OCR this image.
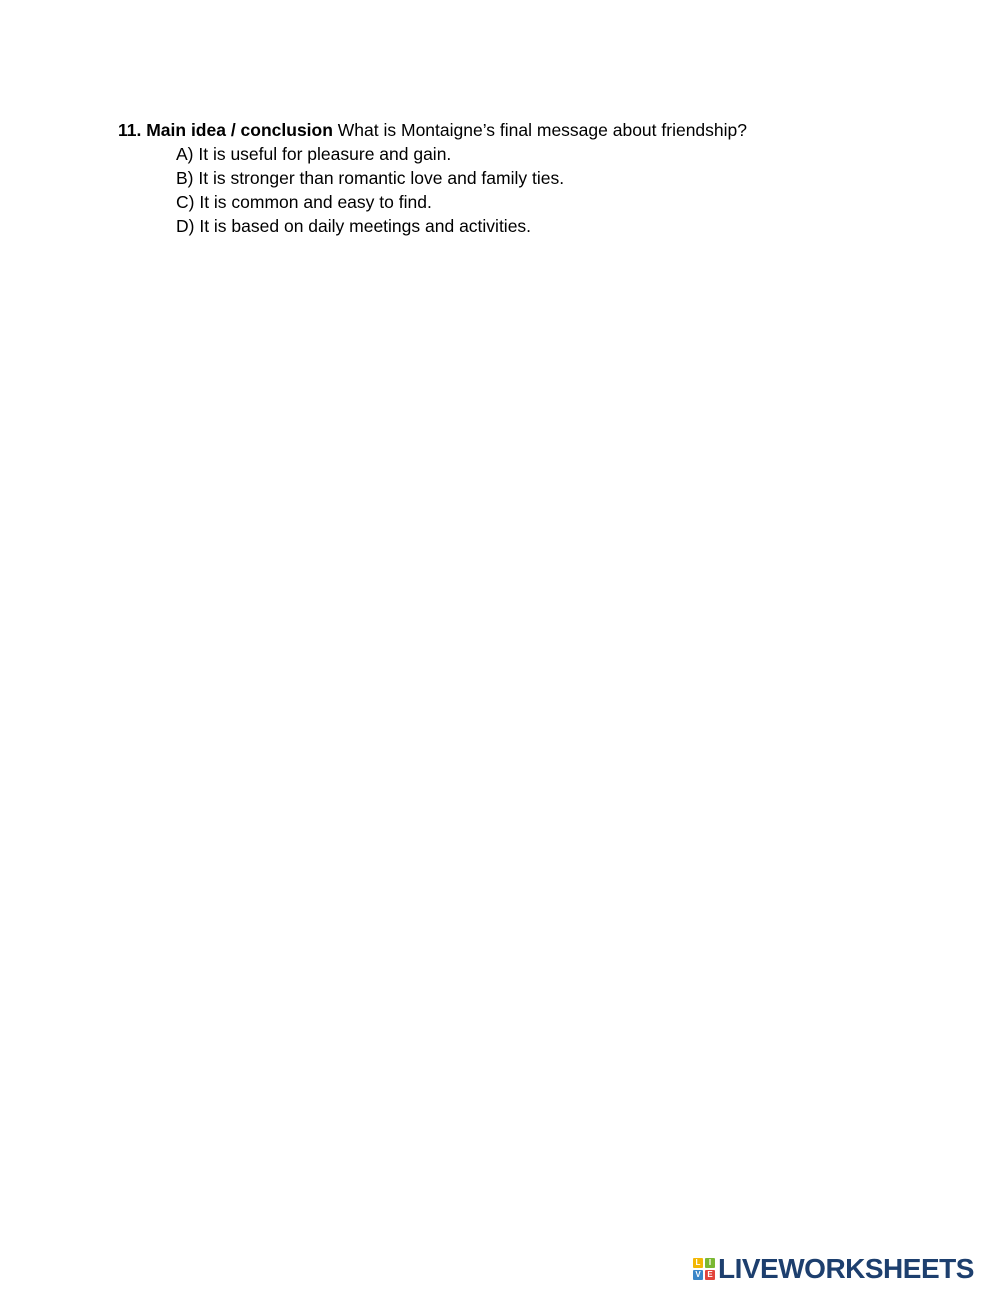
11. Main idea / conclusion What is Montaigne’s final message about friendship?
A) It is useful for pleasure and gain.
B) It is stronger than romantic love and family ties.
C) It is common and easy to find.
D) It is based on daily meetings and activities.
L	I
V E LIVEWORKSHEETS
